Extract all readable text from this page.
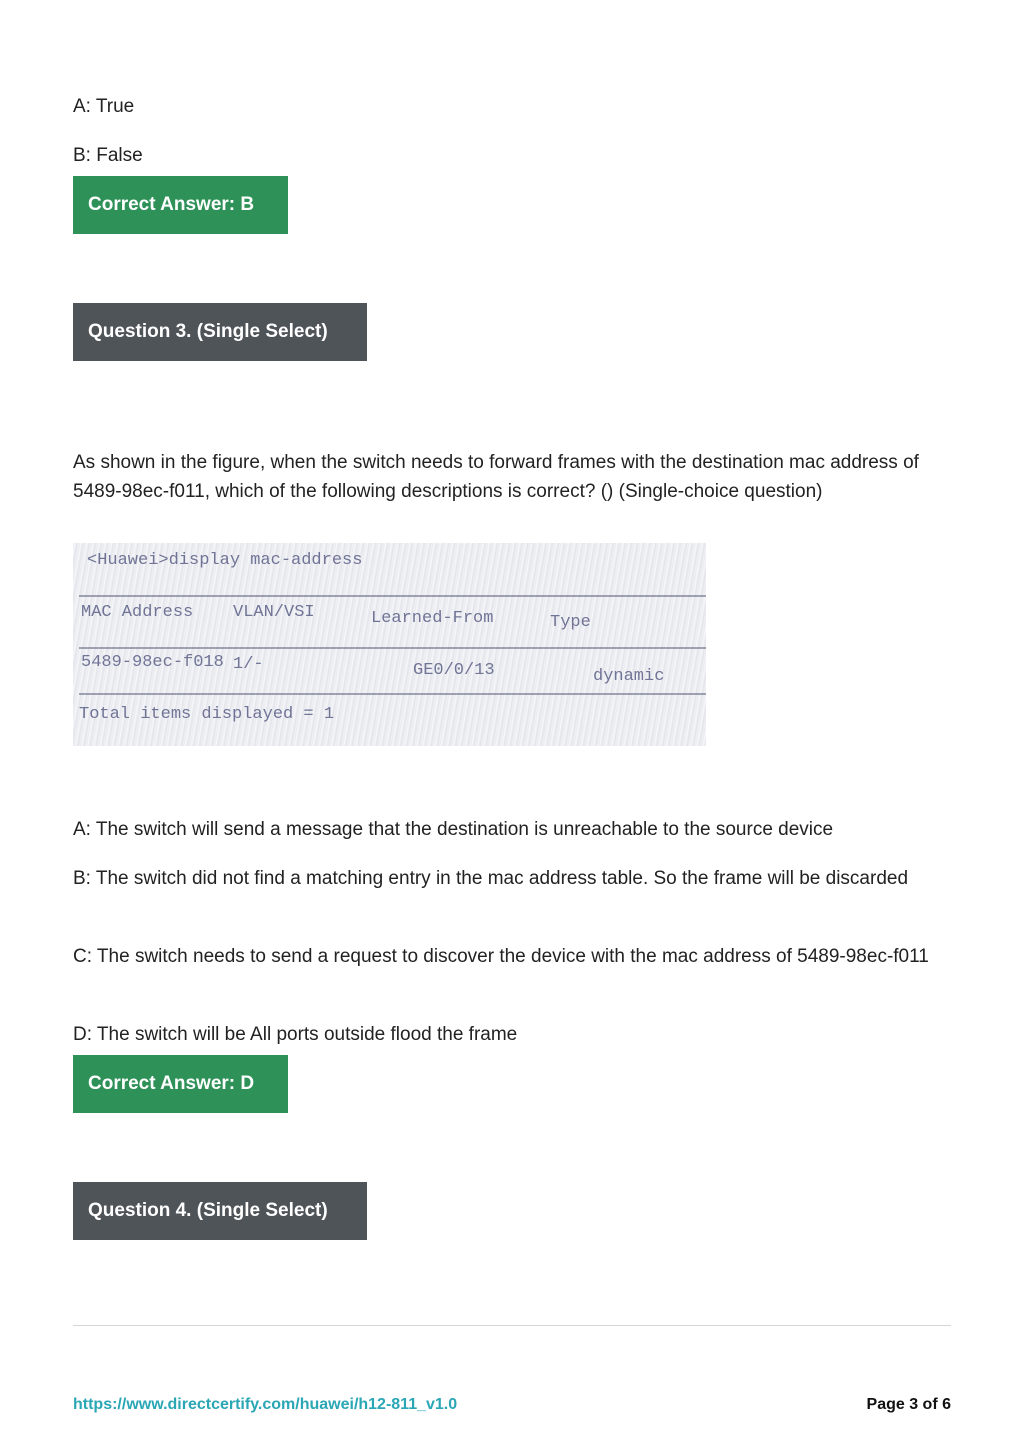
A: True

B: False

Correct Answer: B
Question 3. (Single Select)

As shown in the figure, when the switch needs to forward frames with the destination mac address of 5489-98ec-f011, which of the following descriptions is correct? () (Single-choice question)

<Huawei>display mac-address
MAC Address VLAN/VSI	Learned-From	Type
5489-98ec-f018 1/-	GE0/0/13	dynamic
Total items displayed = 1

A: The switch will send a message that the destination is unreachable to the source device

B: The switch did not find a matching entry in the mac address table. So the frame will be discarded

C: The switch needs to send a request to discover the device with the mac address of 5489-98ec-f011

D: The switch will be All ports outside flood the frame

Correct Answer: D
Question 4. (Single Select)
https://www.directcertify.com/huawei/h12-811_v1.0	Page 3 of 6
